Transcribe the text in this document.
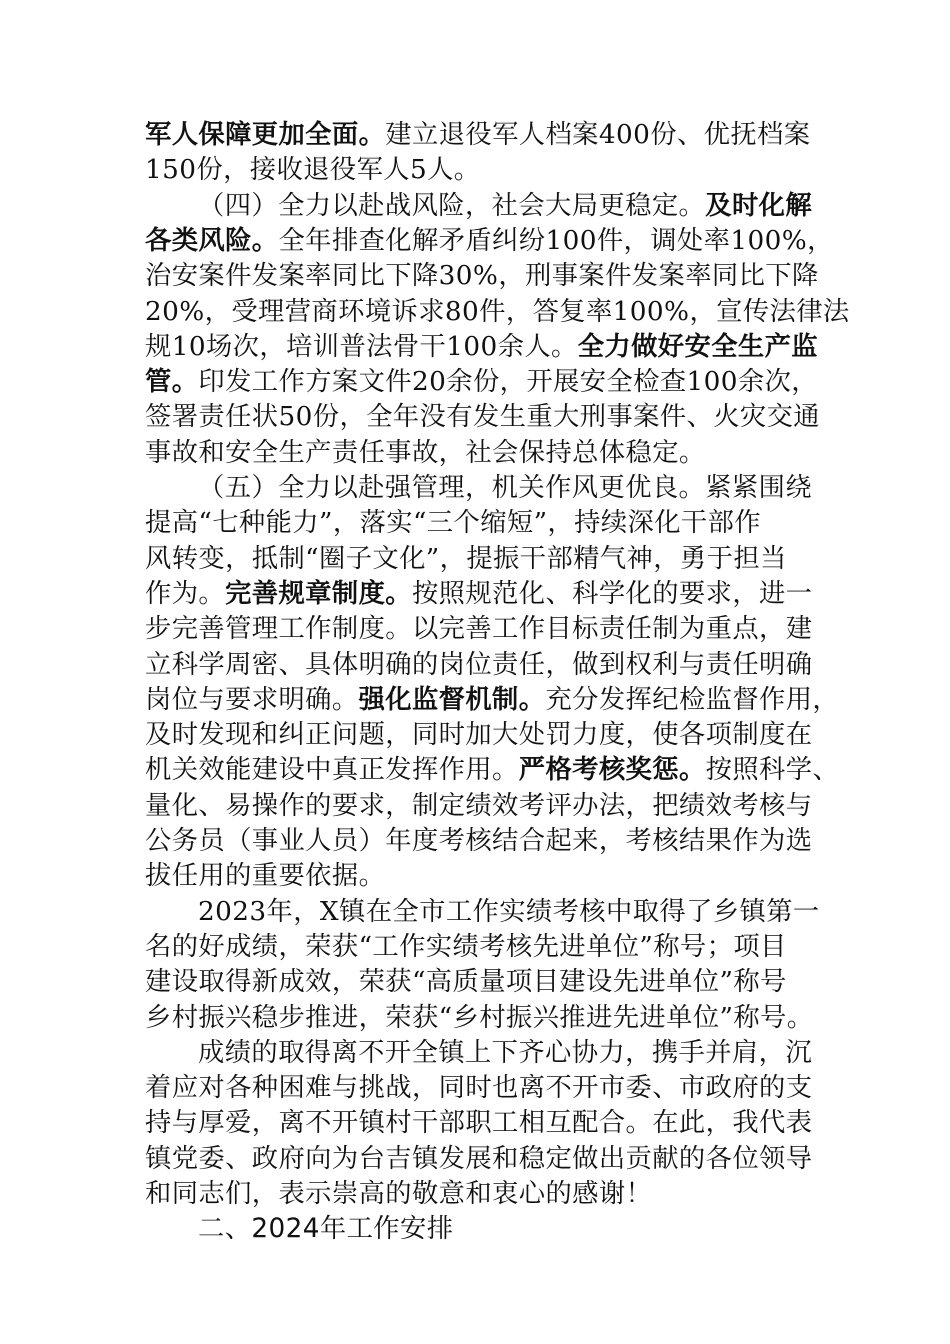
军人保障更加全面。建立退役军人档案400份、优抚档案
150份，接收退役军人5人。
（四）全力以赴战风险，社会大局更稳定。及时化解
各类风险。全年排查化解矛盾纠纷100件，调处率100%，
治安案件发案率同比下降30%，刑事案件发案率同比下降
20%，受理营商环境诉求80件，答复率100%，宣传法律法
规10场次，培训普法骨干100余人。全力做好安全生产监
管。印发工作方案文件20余份，开展安全检查100余次，
签署责任状50份，全年没有发生重大刑事案件、火灾交通
事故和安全生产责任事故，社会保持总体稳定。
（五）全力以赴强管理，机关作风更优良。紧紧围绕
提高“七种能力”，落实“三个缩短”，持续深化干部作
风转变，抵制“圈子文化”，提振干部精气神，勇于担当
作为。完善规章制度。按照规范化、科学化的要求，进一
步完善管理工作制度。以完善工作目标责任制为重点，建
立科学周密、具体明确的岗位责任，做到权利与责任明确
岗位与要求明确。强化监督机制。充分发挥纪检监督作用，
及时发现和纠正问题，同时加大处罚力度，使各项制度在
机关效能建设中真正发挥作用。严格考核奖惩。按照科学、
量化、易操作的要求，制定绩效考评办法，把绩效考核与
公务员（事业人员）年度考核结合起来，考核结果作为选
拔任用的重要依据。
2023年，X镇在全市工作实绩考核中取得了乡镇第一
名的好成绩，荣获“工作实绩考核先进单位”称号；项目
建设取得新成效，荣获“高质量项目建设先进单位”称号
乡村振兴稳步推进，荣获“乡村振兴推进先进单位”称号。
成绩的取得离不开全镇上下齐心协力，携手并肩，沉
着应对各种困难与挑战，同时也离不开市委、市政府的支
持与厚爱，离不开镇村干部职工相互配合。在此，我代表
镇党委、政府向为台吉镇发展和稳定做出贡献的各位领导
和同志们，表示崇高的敬意和衷心的感谢！
二、2024年工作安排
